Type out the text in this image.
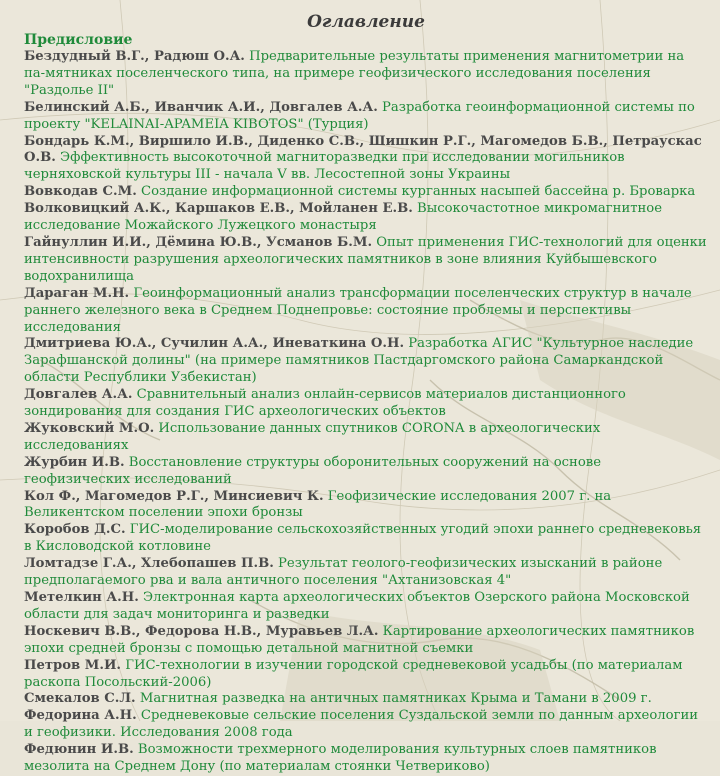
Оглавление
Предисловие

Бездудный В.Г., Радюш О.А. Предварительные результаты применения магнитометрии на па-мятниках поселенческого типа, на примере геофизического исследования поселения "Раздолье II"

Белинский А.Б., Иванчик А.И., Довгалев А.А. Разработка геоинформационной системы по проекту "KELAINAI-APAMEIA KIBOTOS" (Турция)

Бондарь К.М., Виршило И.В., Диденко С.В., Шишкин Р.Г., Магомедов Б.В., Петраускас О.В. Эффективность высокоточной магниторазведки при исследовании могильников черняховской культуры III - начала V вв. Лесостепной зоны Украины

Вовкодав С.М. Создание информационной системы курганных насыпей бассейна р. Броварка

Волковицкий А.К., Каршаков Е.В., Мойланен Е.В. Высокочастотное микромагнитное исследование Можайского Лужецкого монастыря

Гайнуллин И.И., Дёмина Ю.В., Усманов Б.М. Опыт применения ГИС-технологий для оценки интенсивности разрушения археологических памятников в зоне влияния Куйбышевского водохранилища

Дараган М.Н. Геоинформационный анализ трансформации поселенческих структур в начале раннего железного века в Среднем Поднепровье: состояние проблемы и перспективы исследования

Дмитриева Ю.А., Сучилин А.А., Иневаткина О.Н. Разработка АГИС "Культурное наследие Зарафшанской долины" (на примере памятников Пастдаргомского района Самаркандской области Республики Узбекистан)

Довгалев А.А. Сравнительный анализ онлайн-сервисов материалов дистанционного зондирования для создания ГИС археологических объектов

Жуковский М.О. Использование данных спутников CORONA в археологических исследованиях

Журбин И.В. Восстановление структуры оборонительных сооружений на основе геофизических исследований

Кол Ф., Магомедов Р.Г., Минсиевич К. Геофизические исследования 2007 г. на Великентском поселении эпохи бронзы

Коробов Д.С. ГИС-моделирование сельскохозяйственных угодий эпохи раннего средневековья в Кисловодской котловине

Ломтадзе Г.А., Хлебопашев П.В. Результат геолого-геофизических изысканий в районе предполагаемого рва и вала античного поселения "Ахтанизовская 4"

Метелкин А.Н. Электронная карта археологических объектов Озерского района Московской области для задач мониторинга и разведки

Носкевич В.В., Федорова Н.В., Муравьев Л.А. Картирование археологических памятников эпохи средней бронзы с помощью детальной магнитной съемки

Петров М.И. ГИС-технологии в изучении городской средневековой усадьбы (по материалам раскопа Посольский-2006)

Смекалов С.Л. Магнитная разведка на античных памятниках Крыма и Тамани в 2009 г.

Федорина А.Н. Средневековые сельские поселения Суздальской земли по данным археологии и геофизики. Исследования 2008 года

Федюнин И.В. Возможности трехмерного моделирования культурных слоев памятников мезолита на Среднем Дону (по материалам стоянки Четвериково)
